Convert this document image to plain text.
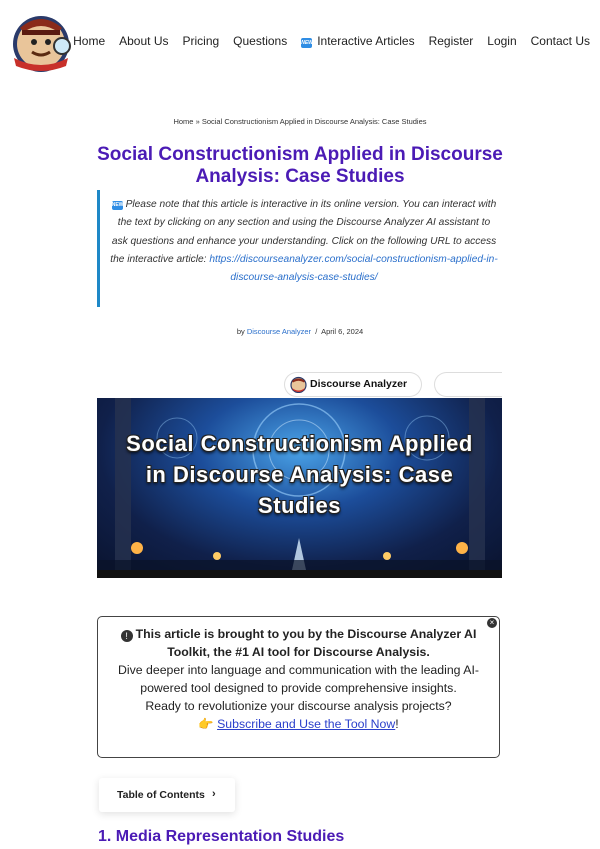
Home About Us Pricing Questions	NEW Interactive Articles Register Login Contact Us
Home » Social Constructionism Applied in Discourse Analysis: Case Studies
Social Constructionism Applied in Discourse Analysis: Case Studies

NEW Please note that this article is interactive in its online version. You can interact with the text by clicking on any section and using the Discourse Analyzer AI assistant to ask questions and enhance your understanding. Click on the following URL to access the interactive article: https://discourseanalyzer.com/social-constructionism-applied-in-discourse-analysis-case-studies/

by Discourse Analyzer / April 6, 2024
Discourse Analyzer
Social Constructionism Applied in Discourse Analysis: Case Studies
×
! This article is brought to you by the Discourse Analyzer AI Toolkit, the #1 AI tool for Discourse Analysis.
Dive deeper into language and communication with the leading AI-powered tool designed to provide comprehensive insights.
Ready to revolutionize your discourse analysis projects?
👉 Subscribe and Use the Tool Now!
Table of Contents ›
1. Media Representation Studies
